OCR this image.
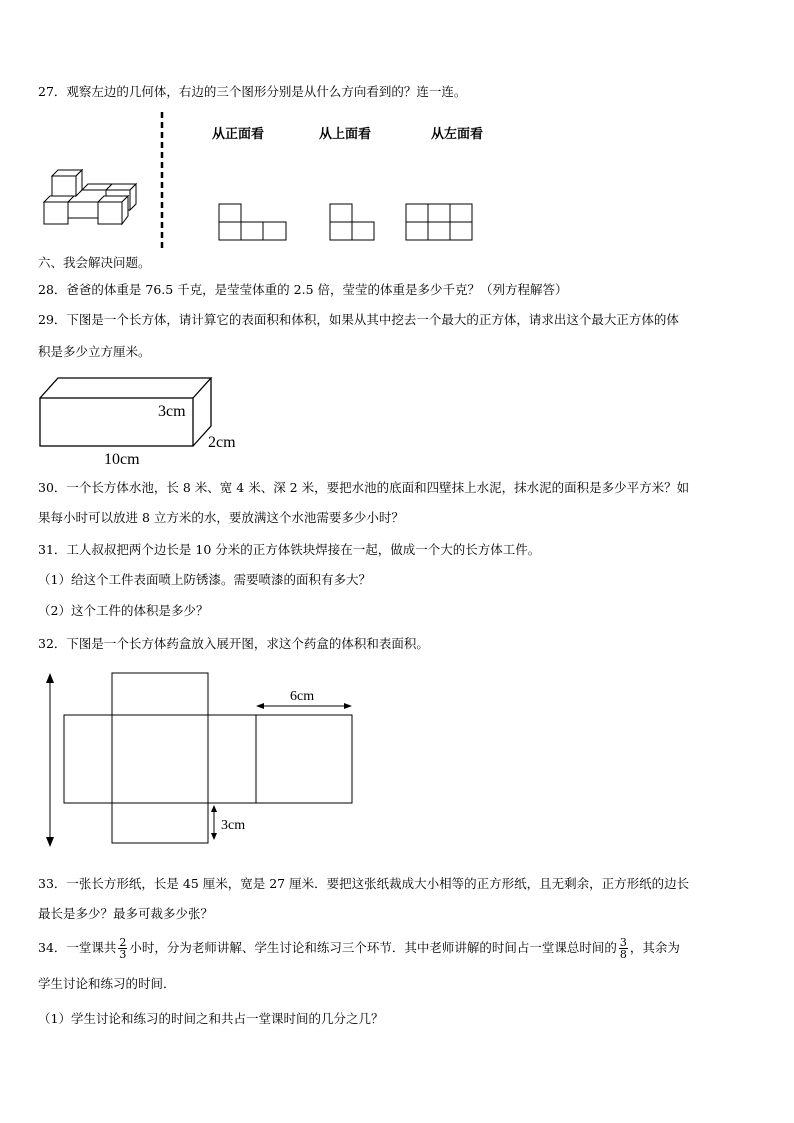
27．观察左边的几何体，右边的三个图形分别是从什么方向看到的？连一连。
从正面看	从上面看	从左面看
六、我会解决问题。
28．爸爸的体重是 76.5 千克，是莹莹体重的 2.5 倍，莹莹的体重是多少千克？（列方程解答）
29．下图是一个长方体，请计算它的表面积和体积，如果从其中挖去一个最大的正方体，请求出这个最大正方体的体
积是多少立方厘米。
3cm
2cm
10cm
30．一个长方体水池，长 8 米、宽 4 米、深 2 米，要把水池的底面和四壁抹上水泥，抹水泥的面积是多少平方米？如
果每小时可以放进 8 立方米的水，要放满这个水池需要多少小时？
31．工人叔叔把两个边长是 10 分米的正方体铁块焊接在一起，做成一个大的长方体工件。
（1）给这个工件表面喷上防锈漆。需要喷漆的面积有多大？
（2）这个工件的体积是多少？
32．下图是一个长方体药盒放入展开图，求这个药盒的体积和表面积。
6cm
3cm
33．一张长方形纸，长是 45 厘米，宽是 27 厘米．要把这张纸裁成大小相等的正方形纸，且无剩余，正方形纸的边长
最长是多少？最多可裁多少张？
34．一堂课共 $\frac{2}{3}$ 小时，分为老师讲解、学生讨论和练习三个环节．其中老师讲解的时间占一堂课总时间的 $\frac{3}{8}$ ，其余为
学生讨论和练习的时间．
（1）学生讨论和练习的时间之和共占一堂课时间的几分之几？
